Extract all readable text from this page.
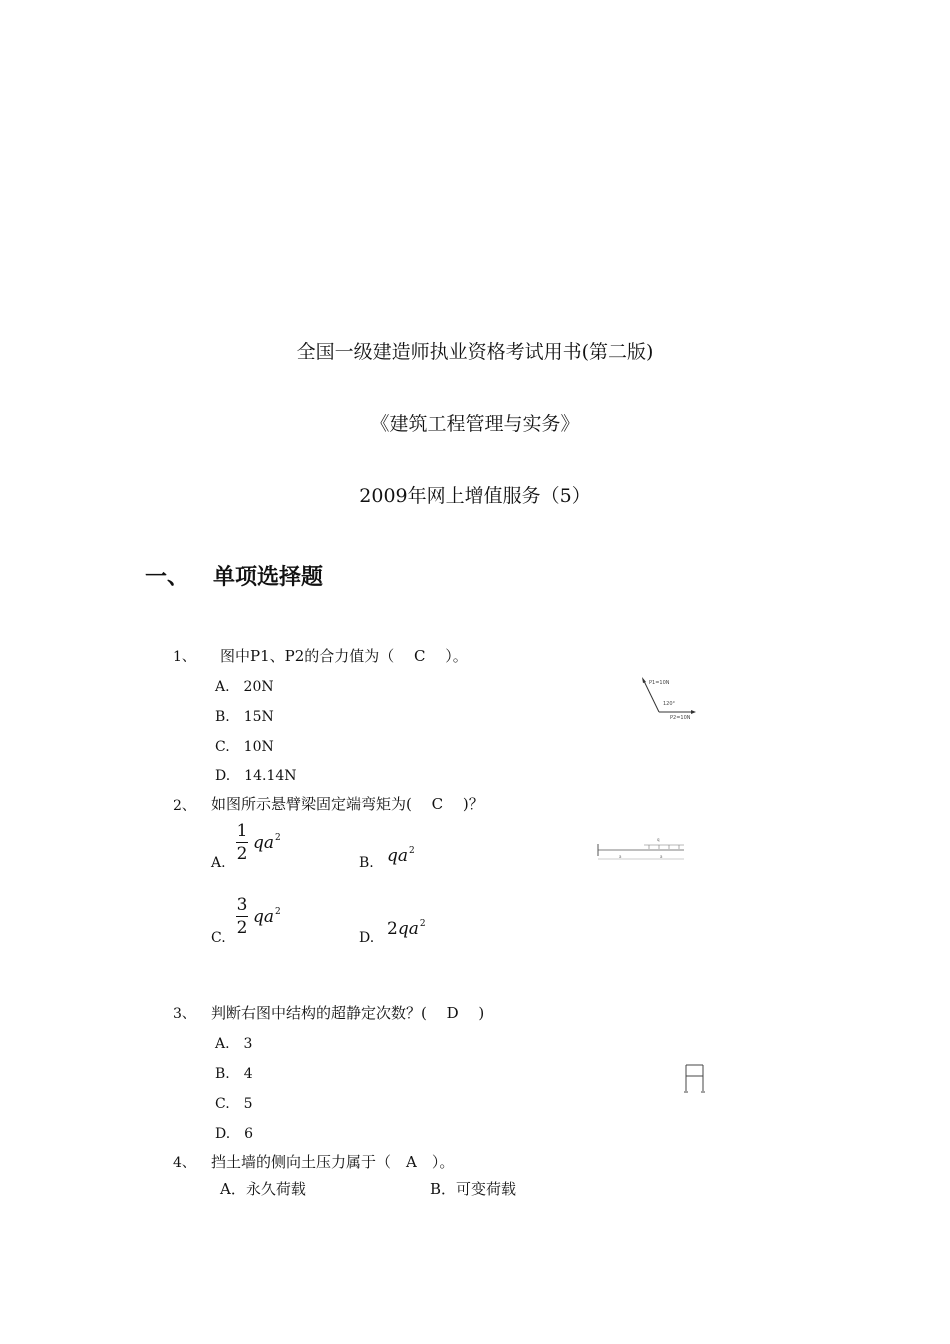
全国一级建造师执业资格考试用书(第二版)
《建筑工程管理与实务》
2009年网上增值服务（5）
一、 单项选择题
1、 图中P1、P2的合力值为（　 C　 ）。
A.　20N
B.　15N
C.　10N
D.　14.14N
P1=10N
120°
P2=10N
2、 如图所示悬臂梁固定端弯矩为(　 C　 )？
A.
1
2
$qa^2$
B. $qa^2$
C.
3
2
$qa^2$
D. $2qa^2$
q
a	a
3、 判断右图中结构的超静定次数？(　 D　 )
A.　3
B.　4
C.　5
D.　6
4、 挡土墙的侧向土压力属于（　A　）。
A．永久荷载	B．可变荷载
